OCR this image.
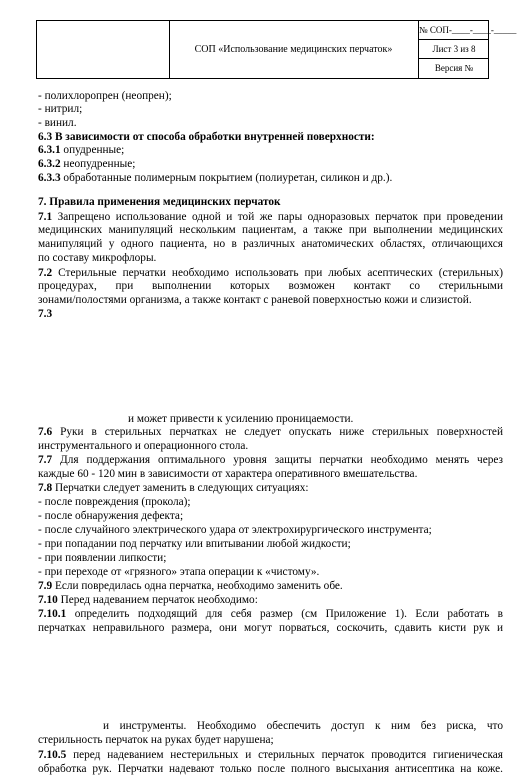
СОП «Использование медицинских перчаток»
№ СОП-____-____-_____
Лист 3 из 8
Версия №
- полихлоропрен (неопрен);
- нитрил;
- винил.
6.3 В зависимости от способа обработки внутренней поверхности:
6.3.1 опудренные;
6.3.2 неопудренные;
6.3.3 обработанные полимерным покрытием (полиуретан, силикон и др.).
7. Правила применения медицинских перчаток
7.1 Запрещено использование одной и той же пары одноразовых перчаток при проведении
медицинских манипуляций нескольким пациентам, а также при выполнении медицинских
манипуляций у одного пациента, но в различных анатомических областях, отличающихся
по составу микрофлоры.
7.2 Стерильные перчатки необходимо использовать при любых асептических (стерильных)
процедурах, при выполнении которых возможен контакт со стерильными
зонами/полостями организма, а также контакт с раневой поверхностью кожи и слизистой.
7.3
и может привести к усилению проницаемости.
7.6 Руки в стерильных перчатках не следует опускать ниже стерильных поверхностей
инструментального и операционного стола.
7.7 Для поддержания оптимального уровня защиты перчатки необходимо менять через
каждые 60 - 120 мин в зависимости от характера оперативного вмешательства.
7.8 Перчатки следует заменить в следующих ситуациях:
- после повреждения (прокола);
- после обнаружения дефекта;
- после случайного электрического удара от электрохирургического инструмента;
- при попадании под перчатку или впитывании любой жидкости;
- при появлении липкости;
- при переходе от «грязного» этапа операции к «чистому».
7.9 Если повредилась одна перчатка, необходимо заменить обе.
7.10 Перед надеванием перчаток необходимо:
7.10.1 определить подходящий для себя размер (см Приложение 1). Если работать в
перчатках неправильного размера, они могут порваться, соскочить, сдавить кисти рук и
и инструменты. Необходимо обеспечить доступ к ним без риска, что
стерильность перчаток на руках будет нарушена;
7.10.5 перед надеванием нестерильных и стерильных перчаток проводится гигиеническая
обработка рук. Перчатки надевают только после полного высыхания антисептика на коже.
